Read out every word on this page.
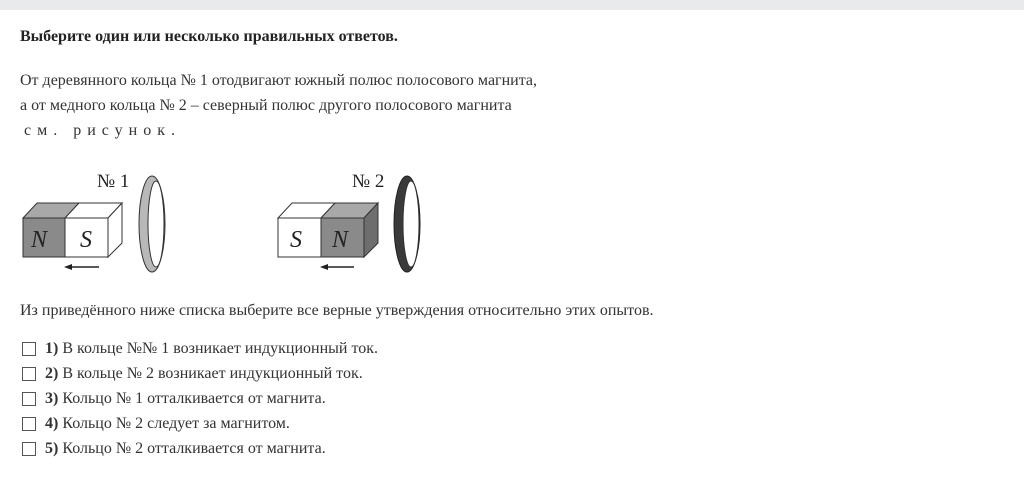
Выберите один или несколько правильных ответов.
От деревянного кольца № 1 отодвигают южный полюс полосового магнита,
а от медного кольца № 2 – северный полюс другого полосового магнита
см. рисунок.
№ 1
N S
№ 2
S N
Из приведённого ниже списка выберите все верные утверждения относительно этих опытов.
1) В кольце №№ 1 возникает индукционный ток.
2) В кольце № 2 возникает индукционный ток.
3) Кольцо № 1 отталкивается от магнита.
4) Кольцо № 2 следует за магнитом.
5) Кольцо № 2 отталкивается от магнита.
